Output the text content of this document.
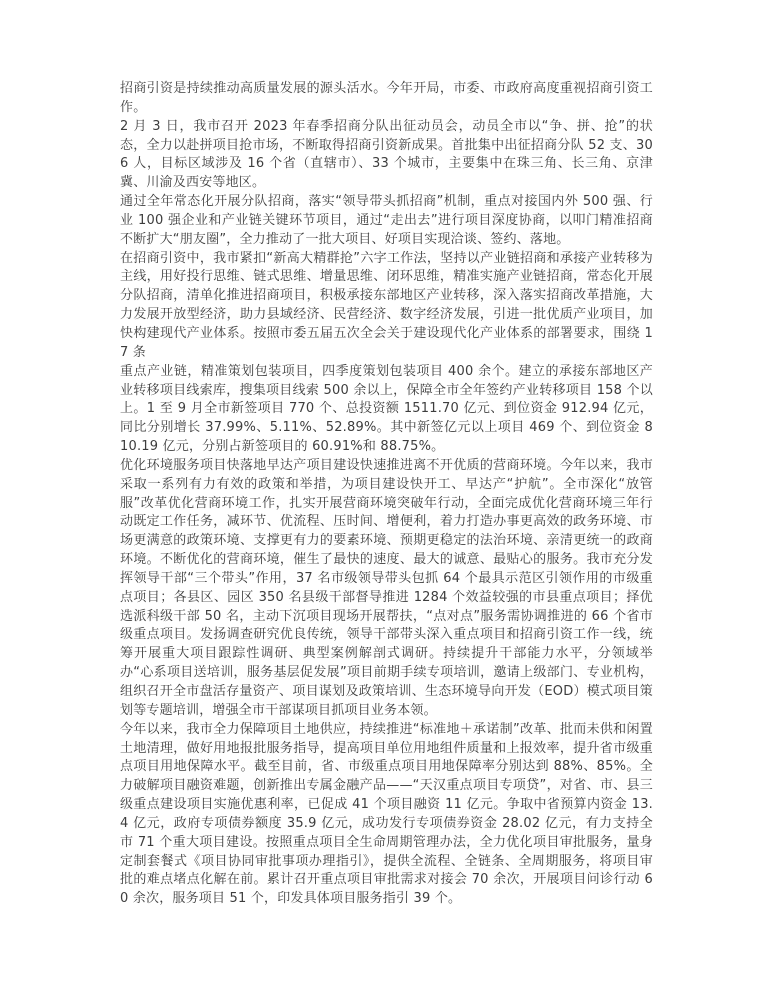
招商引资是持续推动高质量发展的源头活水。今年开局，市委、市政府高度重视招商引资工作。

2 月 3 日，我市召开 2023 年春季招商分队出征动员会，动员全市以“争、拼、抢”的状态，全力以赴拼项目抢市场，不断取得招商引资新成果。首批集中出征招商分队 52 支、306 人，目标区域涉及 16 个省（直辖市）、33 个城市，主要集中在珠三角、长三角、京津冀、川渝及西安等地区。

通过全年常态化开展分队招商，落实“领导带头抓招商”机制，重点对接国内外 500 强、行业 100 强企业和产业链关键环节项目，通过“走出去”进行项目深度协商，以叩门精准招商不断扩大“朋友圈”，全力推动了一批大项目、好项目实现洽谈、签约、落地。

在招商引资中，我市紧扣“新高大精群抢”六字工作法，坚持以产业链招商和承接产业转移为主线，用好投行思维、链式思维、增量思维、闭环思维，精准实施产业链招商，常态化开展分队招商，清单化推进招商项目，积极承接东部地区产业转移，深入落实招商改革措施，大力发展开放型经济，助力县域经济、民营经济、数字经济发展，引进一批优质产业项目，加快构建现代产业体系。按照市委五届五次全会关于建设现代化产业体系的部署要求，围绕 17 条

重点产业链，精准策划包装项目，四季度策划包装项目 400 余个。建立的承接东部地区产业转移项目线索库，搜集项目线索 500 余以上，保障全市全年签约产业转移项目 158 个以上。1 至 9 月全市新签项目 770 个、总投资额 1511.70 亿元、到位资金 912.94 亿元，同比分别增长 37.99%、5.11%、52.89%。其中新签亿元以上项目 469 个、到位资金 810.19 亿元，分别占新签项目的 60.91%和 88.75%。

优化环境服务项目快落地早达产项目建设快速推进离不开优质的营商环境。今年以来，我市采取一系列有力有效的政策和举措，为项目建设快开工、早达产“护航”。全市深化“放管服”改革优化营商环境工作，扎实开展营商环境突破年行动，全面完成优化营商环境三年行动既定工作任务，减环节、优流程、压时间、增便利，着力打造办事更高效的政务环境、市场更满意的政策环境、支撑更有力的要素环境、预期更稳定的法治环境、亲清更统一的政商环境。不断优化的营商环境，催生了最快的速度、最大的诚意、最贴心的服务。我市充分发挥领导干部“三个带头”作用，37 名市级领导带头包抓 64 个最具示范区引领作用的市级重点项目；各县区、园区 350 名县级干部督导推进 1284 个效益较强的市县重点项目；择优选派科级干部 50 名，主动下沉项目现场开展帮扶，“点对点”服务需协调推进的 66 个省市级重点项目。发扬调查研究优良传统，领导干部带头深入重点项目和招商引资工作一线，统筹开展重大项目跟踪性调研、典型案例解剖式调研。持续提升干部能力水平，分领域举办“心系项目送培训，服务基层促发展”项目前期手续专项培训，邀请上级部门、专业机构，组织召开全市盘活存量资产、项目谋划及政策培训、生态环境导向开发（EOD）模式项目策划等专题培训，增强全市干部谋项目抓项目业务本领。

今年以来，我市全力保障项目土地供应，持续推进“标准地＋承诺制”改革、批而未供和闲置土地清理，做好用地报批服务指导，提高项目单位用地组件质量和上报效率，提升省市级重点项目用地保障水平。截至目前，省、市级重点项目用地保障率分别达到 88%、85%。全力破解项目融资难题，创新推出专属金融产品——“天汉重点项目专项贷”，对省、市、县三级重点建设项目实施优惠利率，已促成 41 个项目融资 11 亿元。争取中省预算内资金 13.4 亿元，政府专项债券额度 35.9 亿元，成功发行专项债券资金 28.02 亿元，有力支持全市 71 个重大项目建设。按照重点项目全生命周期管理办法，全力优化项目审批服务，量身定制套餐式《项目协同审批事项办理指引》，提供全流程、全链条、全周期服务，将项目审批的难点堵点化解在前。累计召开重点项目审批需求对接会 70 余次，开展项目问诊行动 60 余次，服务项目 51 个，印发具体项目服务指引 39 个。
